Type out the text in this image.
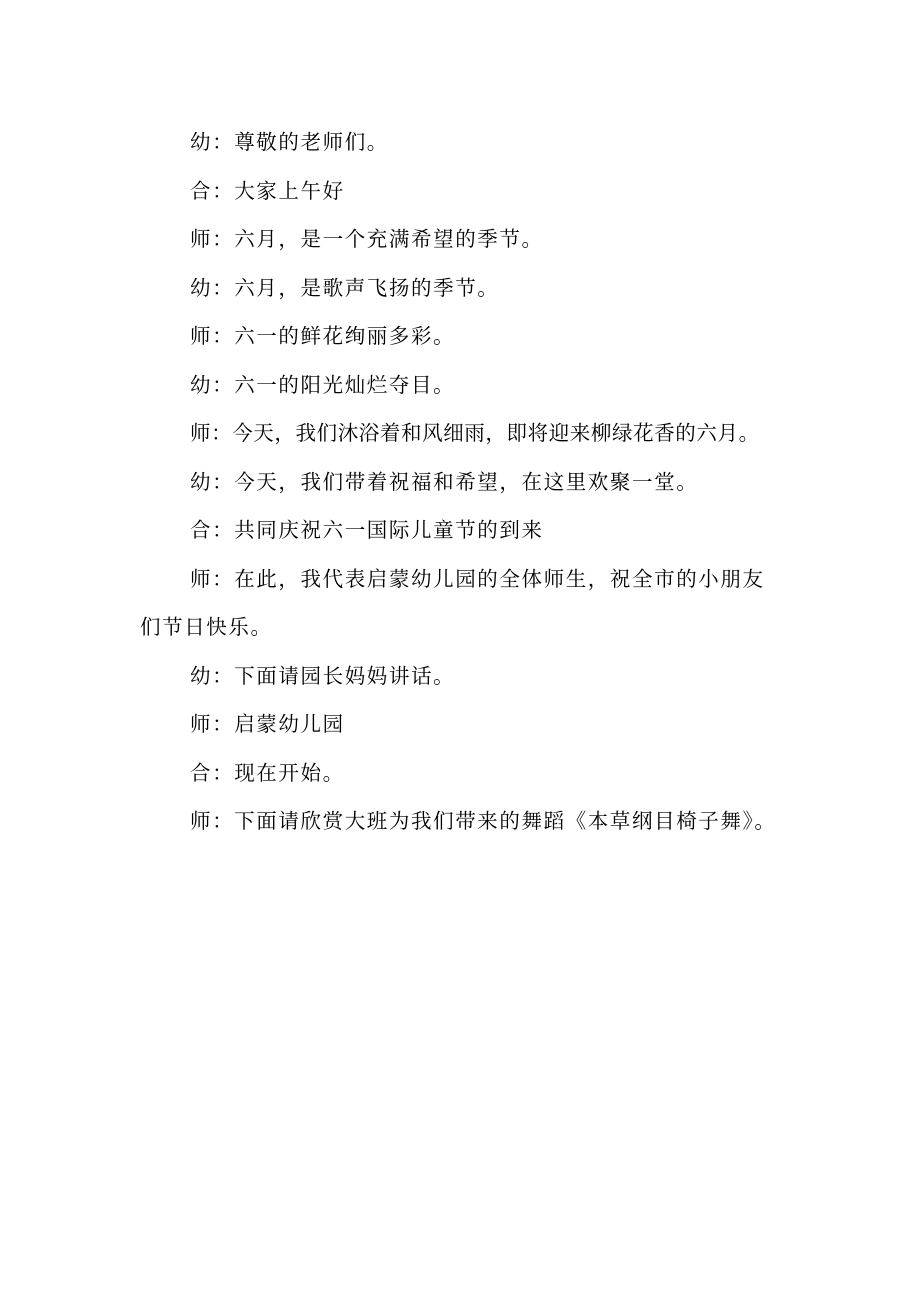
幼：尊敬的老师们。

合：大家上午好

师：六月，是一个充满希望的季节。

幼：六月，是歌声飞扬的季节。

师：六一的鲜花绚丽多彩。

幼：六一的阳光灿烂夺目。

师：今天，我们沐浴着和风细雨，即将迎来柳绿花香的六月。

幼：今天，我们带着祝福和希望，在这里欢聚一堂。

合：共同庆祝六一国际儿童节的到来

师：在此，我代表启蒙幼儿园的全体师生，祝全市的小朋友们节日快乐。

幼：下面请园长妈妈讲话。

师：启蒙幼儿园

合：现在开始。

师：下面请欣赏大班为我们带来的舞蹈《本草纲目椅子舞》。
